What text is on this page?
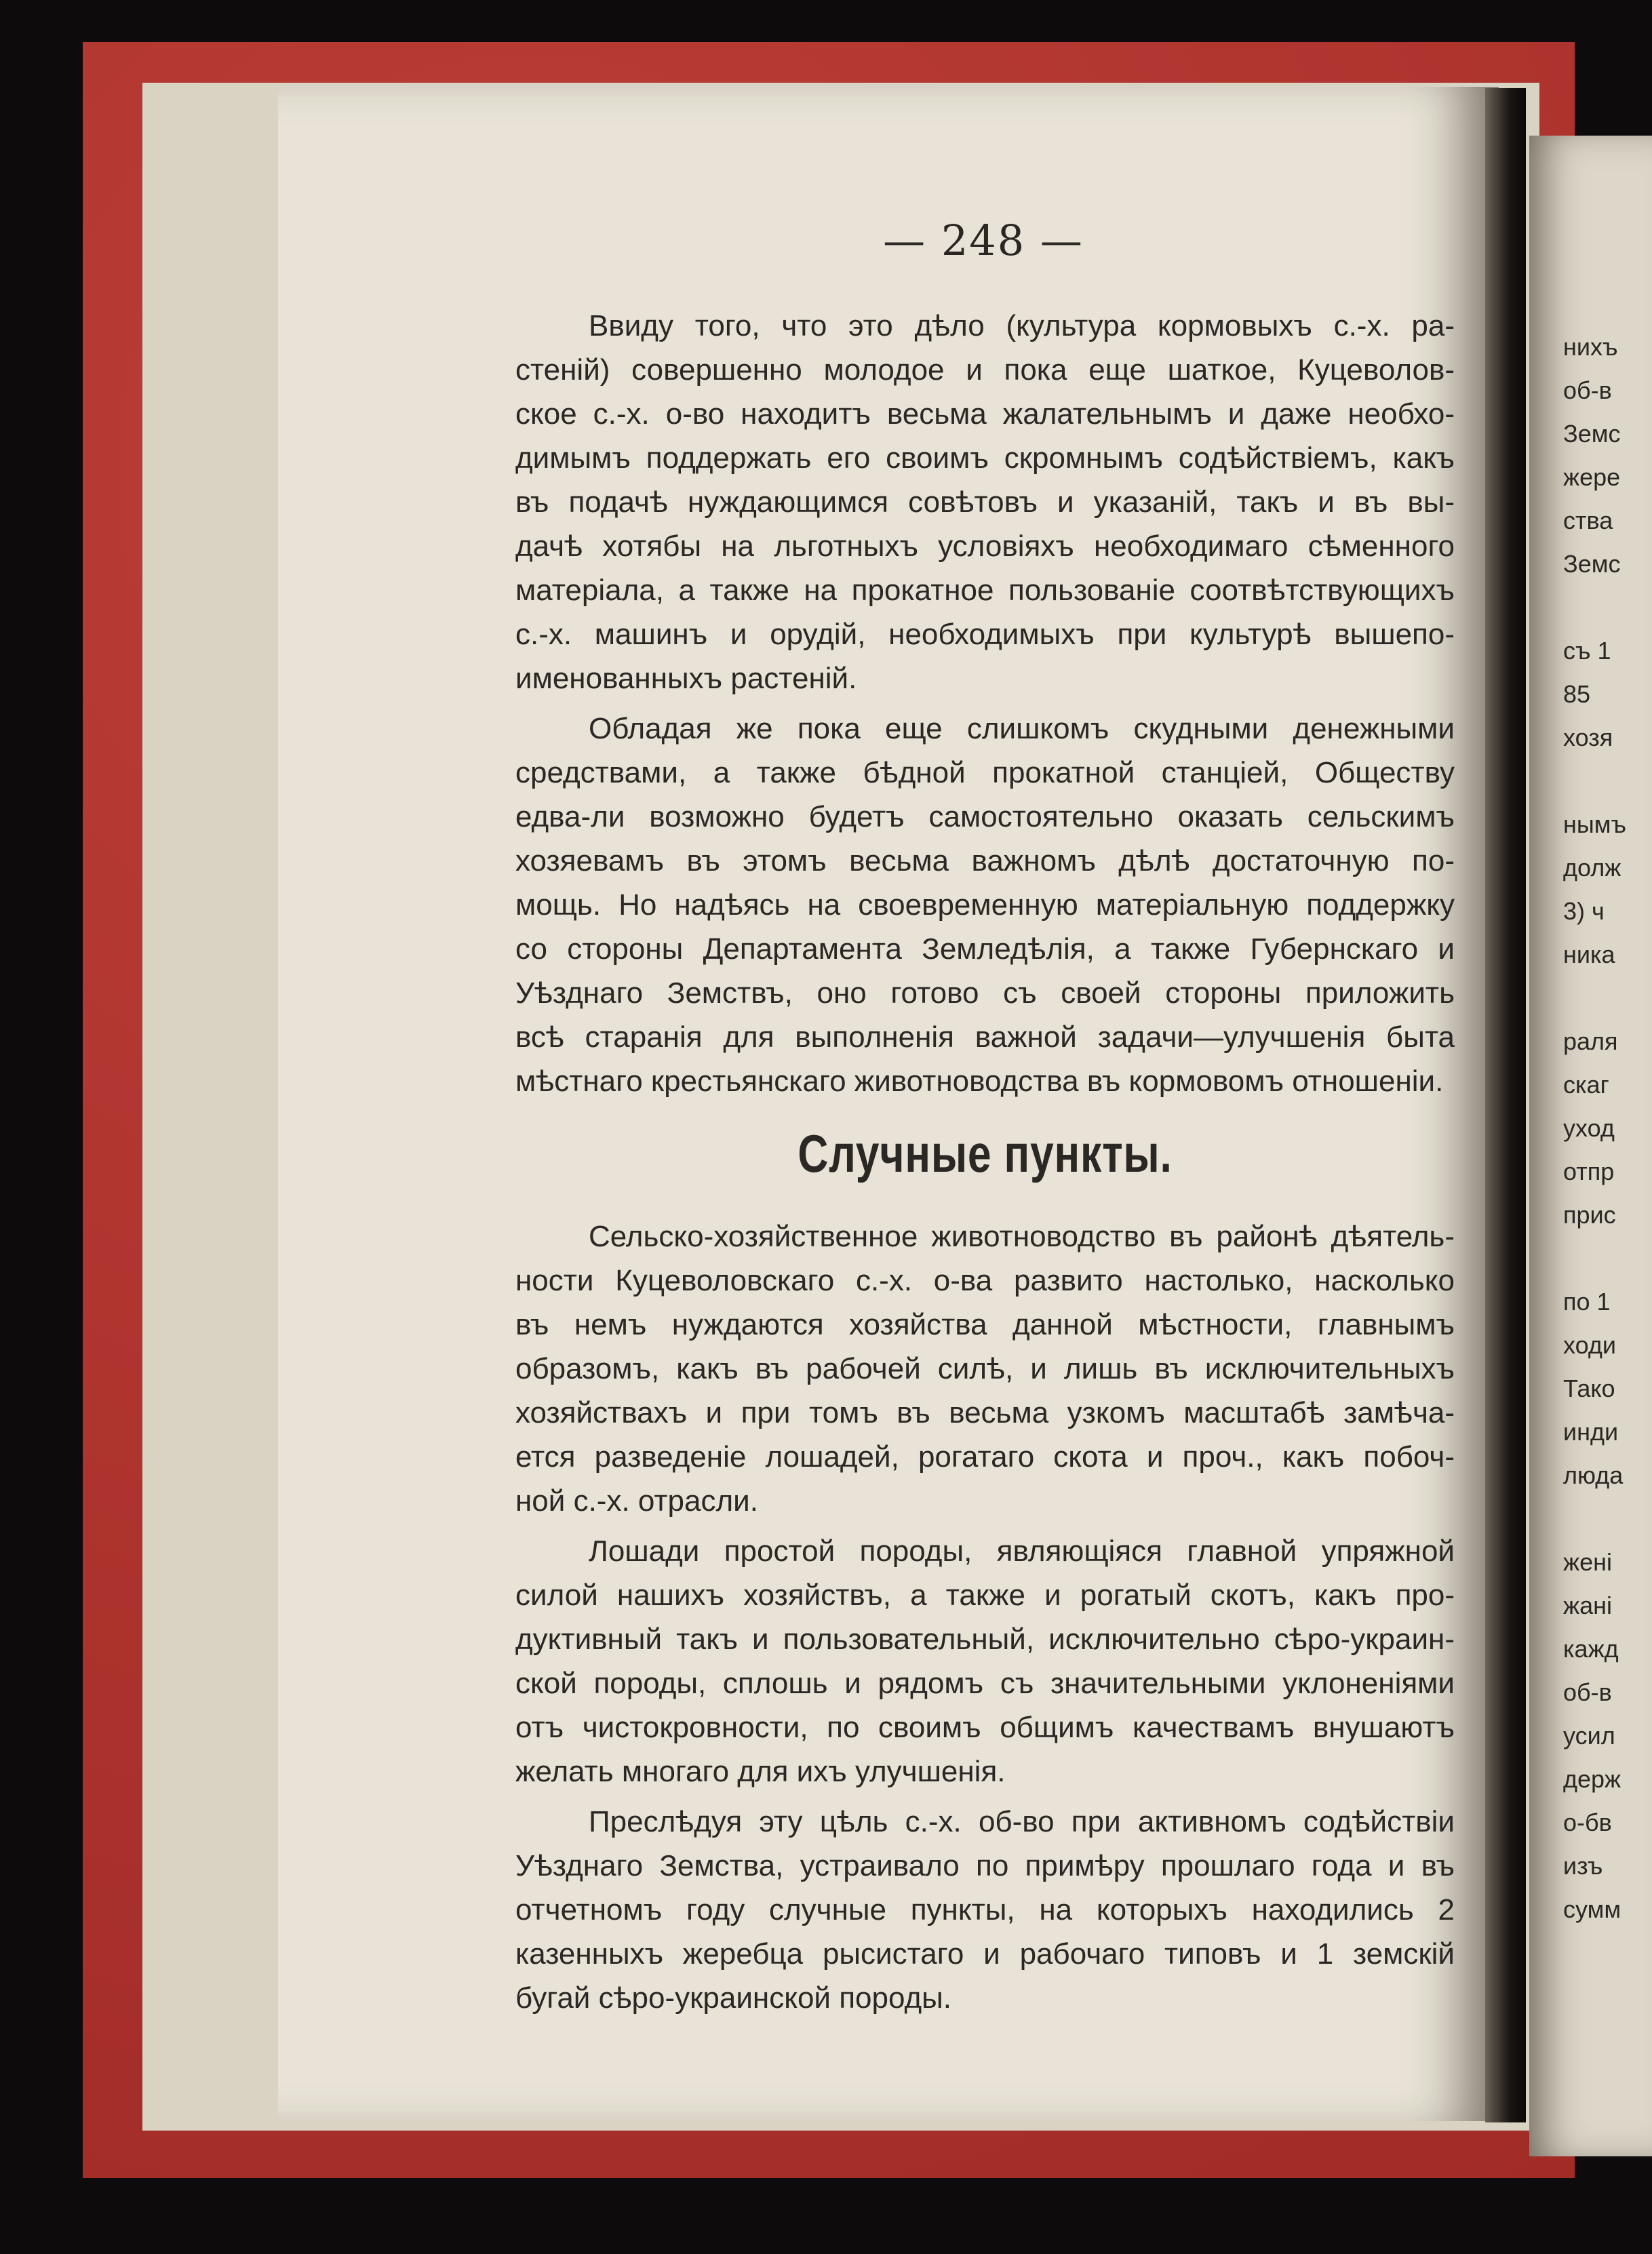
— 248 —
Ввиду того, что это дѣло (культура кормовыхъ с.-х. ра-
стеній) совершенно молодое и пока еще шаткое, Куцеволов-
ское с.-х. о-во находитъ весьма жалательнымъ и даже необхо-
димымъ поддержать его своимъ скромнымъ содѣйствіемъ, какъ
въ подачѣ нуждающимся совѣтовъ и указаній, такъ и въ вы-
дачѣ хотябы на льготныхъ условіяхъ необходимаго сѣменного
матеріала, а также на прокатное пользованіе соотвѣтствующихъ
с.-х. машинъ и орудій, необходимыхъ при культурѣ вышепо-
именованныхъ растеній.
Обладая же пока еще слишкомъ скудными денежными
средствами, а также бѣдной прокатной станціей, Обществу
едва-ли возможно будетъ самостоятельно оказать сельскимъ
хозяевамъ въ этомъ весьма важномъ дѣлѣ достаточную по-
мощь. Но надѣясь на своевременную матеріальную поддержку
со стороны Департамента Земледѣлія, а также Губернскаго и
Уѣзднаго Земствъ, оно готово съ своей стороны приложить
всѣ старанія для выполненія важной задачи—улучшенія быта
мѣстнаго крестьянскаго животноводства въ кормовомъ отношеніи.
Случные пункты.
Сельско-хозяйственное животноводство въ районѣ дѣятель-
ности Куцеволовскаго с.-х. о-ва развито настолько, насколько
въ немъ нуждаются хозяйства данной мѣстности, главнымъ
образомъ, какъ въ рабочей силѣ, и лишь въ исключительныхъ
хозяйствахъ и при томъ въ весьма узкомъ масштабѣ замѣча-
ется разведеніе лошадей, рогатаго скота и проч., какъ побоч-
ной с.-х. отрасли.
Лошади простой породы, являющіяся главной упряжной
силой нашихъ хозяйствъ, а также и рогатый скотъ, какъ про-
дуктивный такъ и пользовательный, исключительно сѣро-украин-
ской породы, сплошь и рядомъ съ значительными уклоненіями
отъ чистокровности, по своимъ общимъ качествамъ внушаютъ
желать многаго для ихъ улучшенія.
Преслѣдуя эту цѣль с.-х. об-во при активномъ содѣйствіи
Уѣзднаго Земства, устраивало по примѣру прошлаго года и въ
отчетномъ году случные пункты, на которыхъ находились 2
казенныхъ жеребца рысистаго и рабочаго типовъ и 1 земскій
бугай сѣро-украинской породы.
нихъ
об-в
Земс
жере
ства
Земс
съ 1
85
хозя
нымъ
долж
3) ч
ника
раля
скаг
уход
отпр
прис
по 1
ходи
Тако
инди
люда
жені
жані
кажд
об-в
усил
держ
о-бв
изъ
сумм
